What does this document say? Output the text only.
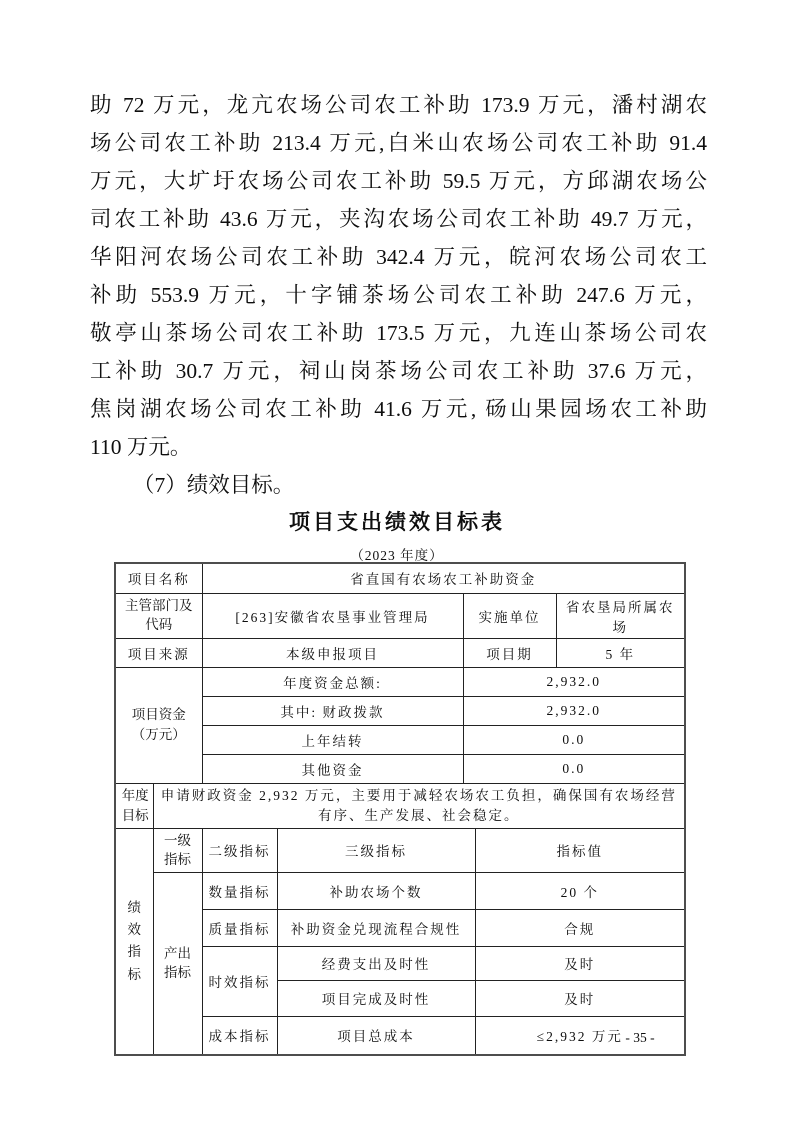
助 72 万元，龙亢农场公司农工补助 173.9 万元，潘村湖农
场公司农工补助 213.4 万元,白米山农场公司农工补助 91.4
万元，大圹圩农场公司农工补助 59.5 万元，方邱湖农场公
司农工补助 43.6 万元，夹沟农场公司农工补助 49.7 万元，
华阳河农场公司农工补助 342.4 万元，皖河农场公司农工
补助 553.9 万元，十字铺茶场公司农工补助 247.6 万元，
敬亭山茶场公司农工补助 173.5 万元，九连山茶场公司农
工补助 30.7 万元，祠山岗茶场公司农工补助 37.6 万元，
焦岗湖农场公司农工补助 41.6 万元, 砀山果园场农工补助
110 万元。
（7）绩效目标。
项目支出绩效目标表
（2023 年度）
项目名称		省直国有农场农工补助资金				

主管部门及代码		[263]安徽省农垦事业管理局		实施单位		省农垦局所属农场
项目来源		本级申报项目		项目期		5 年

项目资金（万元）		年度资金总额:		2,932.0		
		其中: 财政拨款		2,932.0		
		上年结转		0.0		
		其他资金		0.0		

年度目标	申请财政资金 2,932 万元，主要用于减轻农场农工负担，确保国有农场经营有序、生产发展、社会稳定。					

绩效指标	一级指标	二级指标	三级指标		指标值	

	产出指标	数量指标	补助农场个数		20 个	
		质量指标	补助资金兑现流程合规性		合规	
		时效指标	经费支出及时性		及时	
			项目完成及时性		及时	
		成本指标	项目总成本		≤2,932 万元	- 35 -
